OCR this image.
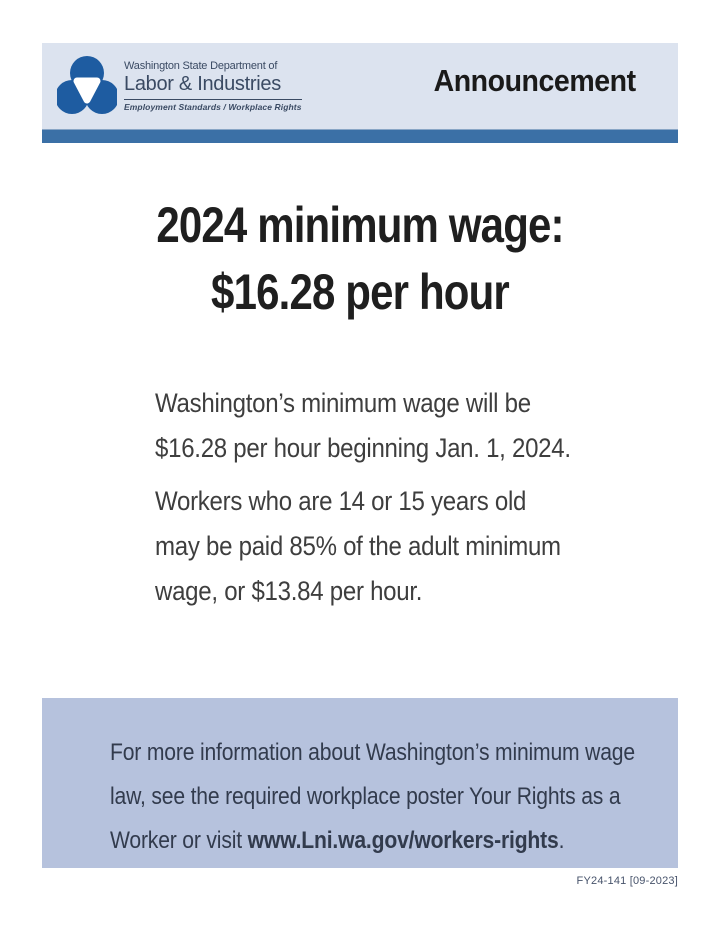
Washington State Department of
Labor & Industries
Employment Standards / Workplace Rights
Announcement
2024 minimum wage:
$16.28 per hour

Washington’s minimum wage will be
$16.28 per hour beginning Jan. 1, 2024.

Workers who are 14 or 15 years old
may be paid 85% of the adult minimum
wage, or $13.84 per hour.

For more information about Washington’s minimum wage
law, see the required workplace poster Your Rights as a
Worker or visit www.Lni.wa.gov/workers-rights.
FY24-141 [09-2023]
